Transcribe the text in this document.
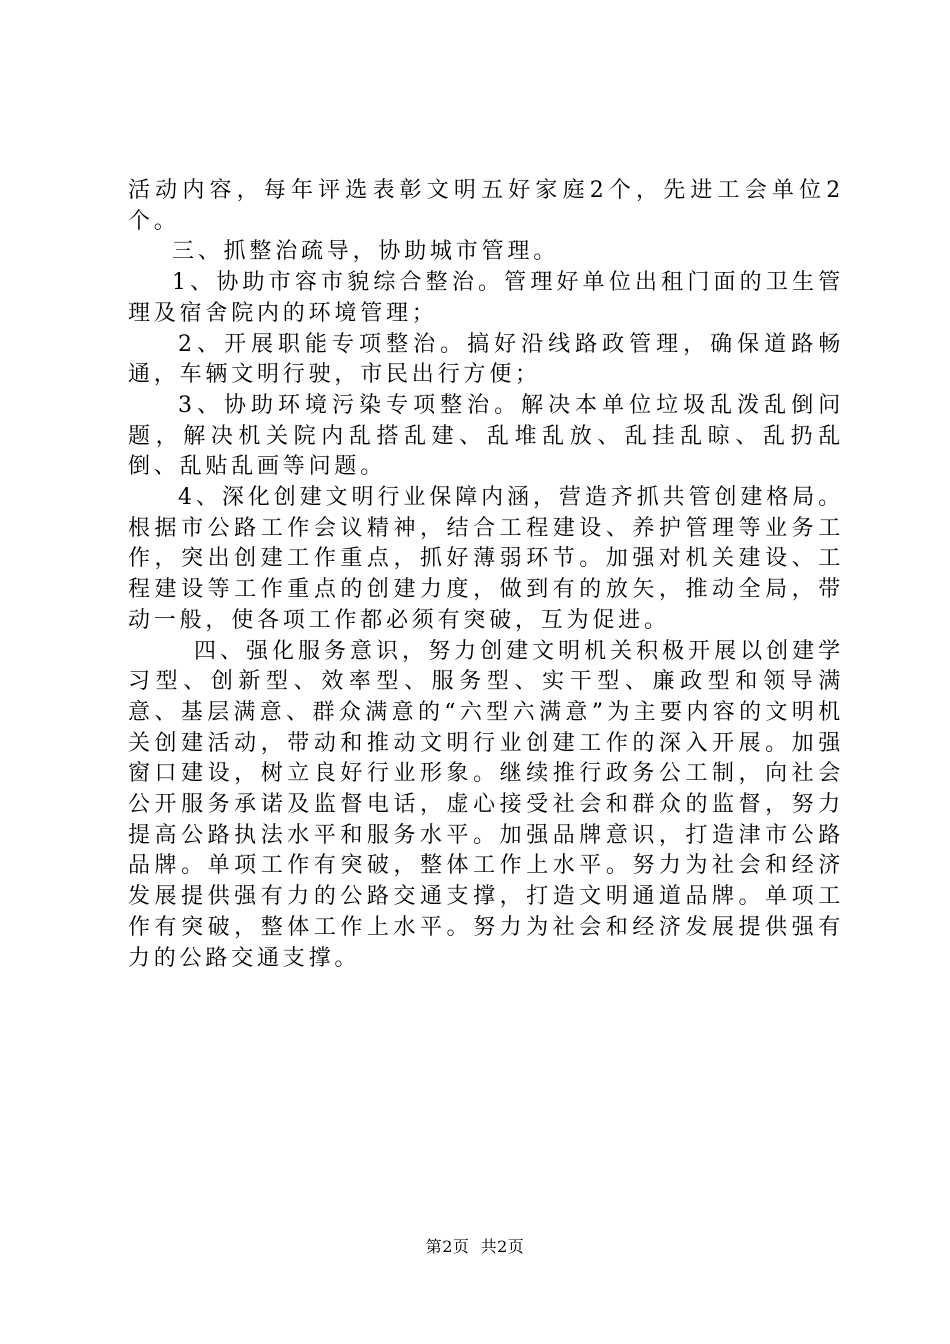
活动内容，每年评选表彰文明五好家庭2个，先进工会单位2个。

三、抓整治疏导，协助城市管理。

1、协助市容市貌综合整治。管理好单位出租门面的卫生管理及宿舍院内的环境管理；

2、开展职能专项整治。搞好沿线路政管理，确保道路畅通，车辆文明行驶，市民出行方便；

3、协助环境污染专项整治。解决本单位垃圾乱泼乱倒问题，解决机关院内乱搭乱建、乱堆乱放、乱挂乱晾、乱扔乱倒、乱贴乱画等问题。

4、深化创建文明行业保障内涵，营造齐抓共管创建格局。根据市公路工作会议精神，结合工程建设、养护管理等业务工作，突出创建工作重点，抓好薄弱环节。加强对机关建设、工程建设等工作重点的创建力度，做到有的放矢，推动全局，带动一般，使各项工作都必须有突破，互为促进。

四、强化服务意识，努力创建文明机关积极开展以创建学习型、创新型、效率型、服务型、实干型、廉政型和领导满意、基层满意、群众满意的“六型六满意”为主要内容的文明机关创建活动，带动和推动文明行业创建工作的深入开展。加强窗口建设，树立良好行业形象。继续推行政务公工制，向社会公开服务承诺及监督电话，虚心接受社会和群众的监督，努力提高公路执法水平和服务水平。加强品牌意识，打造津市公路品牌。单项工作有突破，整体工作上水平。努力为社会和经济发展提供强有力的公路交通支撑，打造文明通道品牌。单项工作有突破，整体工作上水平。努力为社会和经济发展提供强有力的公路交通支撑。

第2页  共2页
